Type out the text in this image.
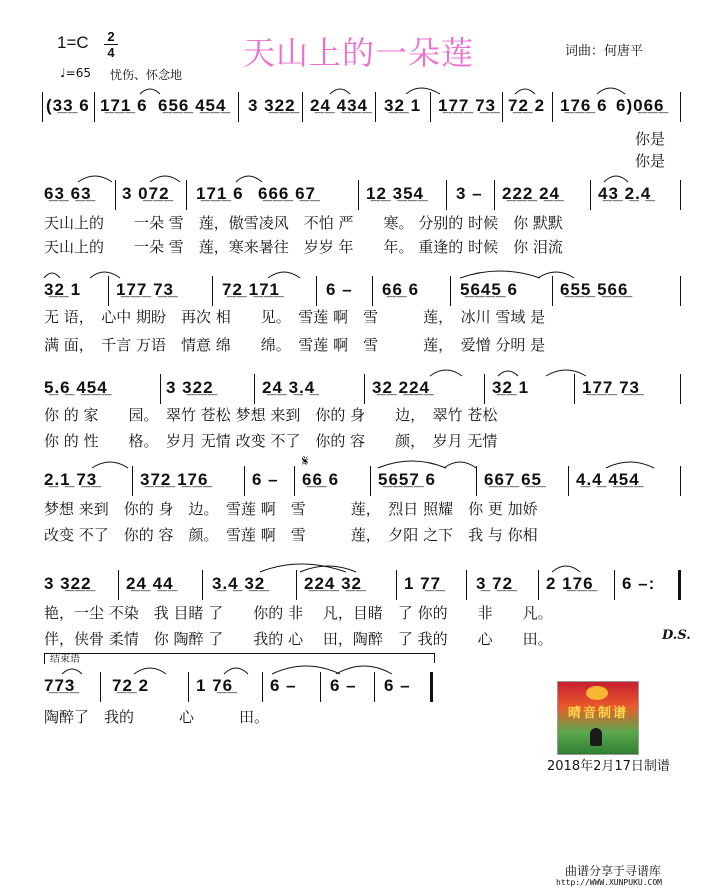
1=C 2
4
♩=65 忧伤、怀念地
天山上的一朵莲	词曲：何唐平
(3̲3̲ 6 1̲7̲1̲ 6 6̲5̲6̲ 4̲5̲4̲ 3 3̲2̲2̲ 2̲4̲ 4̲3̲4̲ 3̲2̲ 1 1̲7̲7̲ 7̲3̲ 7̲2̲ 2 1̲7̲6̲ 6 6)0̲6̲6̲
你是
你是
6̲3̲ 6̲3̲ 3 0̲7̲2̲ 1̲7̲1̲ 6 6̲6̲6̲ 6̲7̲	1̲2̲ 3̲5̲4̲ 3 – 2̲2̲2̲ 2̲4̲ 4̲3̲ 2̲.4̲
天山上的　　一朵 雪　莲，傲雪凌风　不怕 严　　寒。 分别的 时候　你 默默
天山上的　　一朵 雪　莲，寒来暑往　岁岁 年　　年。 重逢的 时候　你 泪流
3̲2̲ 1 1̲7̲7̲ 7̲3̲	7̲2̲ 1̲7̲1̲	6 – 6̲6̲ 6 5̲6̲4̲5̲ 6 6̲5̲5̲ 5̲6̲6̲
无 语，　心中 期盼　再次 相　　见。　雪莲 啊　雪　　　莲，　冰川 雪域 是
满 面，　千言 万语　情意 绵　　绵。　雪莲 啊　雪　　　莲，　爱憎 分明 是
5̲.6̲ 4̲5̲4̲	3 3̲2̲2̲	2̲4̲ 3̲.4̲	3̲2̲ 2̲2̲4̲	3̲2̲ 1	1̲7̲7̲ 7̲3̲
你 的 家　　园。　翠竹 苍松 梦想 来到　你的 身　　边，　翠竹 苍松
你 的 性　　格。　岁月 无情 改变 不了　你的 容　　颜，　岁月 无情
𝄋
2̲.1̲ 7̲3̲	3̲7̲2̲ 1̲7̲6̲	6 – 6̲6̲ 6 5̲6̲5̲7̲ 6	6̲6̲7̲ 6̲5̲ 4̲.4̲ 4̲5̲4̲
梦想 来到　你的 身　边。　雪莲 啊　雪　　　莲，　烈日 照耀　你 更 加娇
改变 不了　你的 容　颜。　雪莲 啊　雪　　　莲，　夕阳 之下　我 与 你相
3 3̲2̲2̲ 2̲4̲ 4̲4̲ 3̲.4̲ 3̲2̲ 2̲2̲4̲ 3̲2̲ 1 7̲7̲ 3̲ 7̲2̲ 2 1̲7̲6̲ 6 –:
艳，一尘 不染　我 目睹 了　　你的 非　 凡，目睹　了 你的　　非　　凡。
伴，侠骨 柔情　你 陶醉 了　　我的 心　 田，陶醉　了 我的　　心　　田。	D.S.
结束语
7̲7̲3̲ 7̲2̲ 2	1 7̲6̲ 6 – 6 – 6 –
陶醉了　我的　　　心　　　田。	晴音制谱
2018年2月17日制谱
曲谱分享于寻谱库
http://WWW.XUNPUKU.COM
